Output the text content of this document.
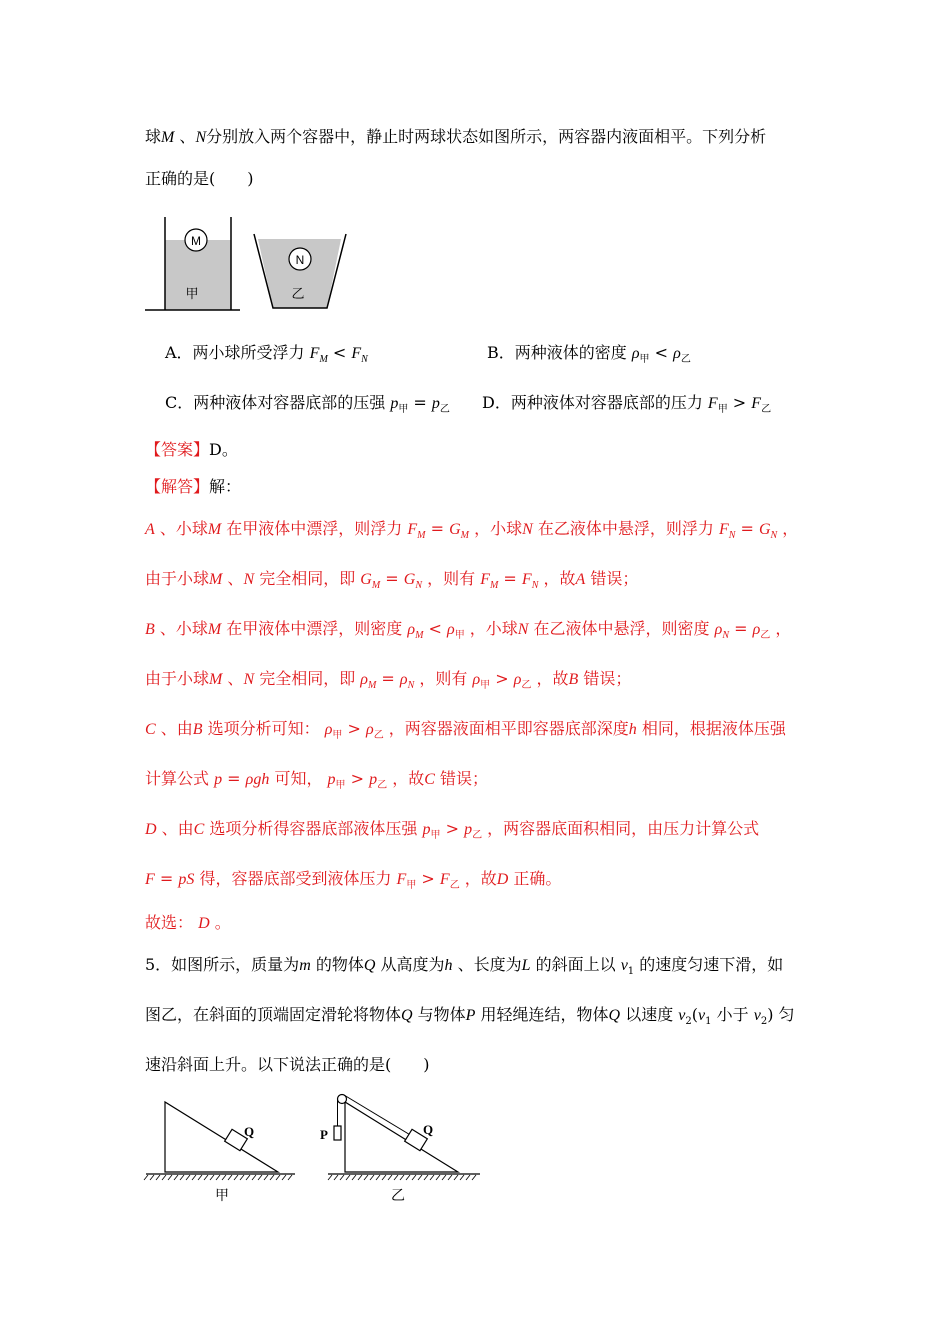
球M 、N分别放入两个容器中，静止时两球状态如图所示，两容器内液面相平。下列分析
正确的是(　　)
M
甲
N
乙
A．两小球所受浮力 $F_M < F_N$	B．两种液体的密度 $\rho_甲 < \rho_乙$
C．两种液体对容器底部的压强 $p_甲 = p_乙$ D．两种液体对容器底部的压力 $F_甲 > F_乙$
【答案】D。
【解答】解：
A 、小球M 在甲液体中漂浮，则浮力 $F_M = G_M$ ，小球N 在乙液体中悬浮，则浮力 $F_N = G_N$ ，
由于小球M 、N 完全相同，即 $G_M = G_N$ ，则有 $F_M = F_N$ ，故A 错误；
B 、小球M 在甲液体中漂浮，则密度 $\rho_M < \rho_甲$ ，小球N 在乙液体中悬浮，则密度 $\rho_N = \rho_乙$ ，
由于小球M 、N 完全相同，即 $\rho_M = \rho_N$ ，则有 $\rho_甲 > \rho_乙$ ，故B 错误；
C 、由B 选项分析可知： $\rho_甲 > \rho_乙$ ，两容器液面相平即容器底部深度h 相同，根据液体压强
计算公式 p = ρgh 可知， $p_甲 > p_乙$ ，故C 错误；
D 、由C 选项分析得容器底部液体压强 $p_甲 > p_乙$ ，两容器底面积相同，由压力计算公式
F = pS 得，容器底部受到液体压力 $F_甲 > F_乙$ ，故D 正确。
故选： D 。
5．如图所示，质量为m 的物体Q 从高度为h 、长度为L 的斜面上以 $v_1$ 的速度匀速下滑，如
图乙，在斜面的顶端固定滑轮将物体Q 与物体P 用轻绳连结，物体Q 以速度 $v_2(v_1$ 小于 $v_2$) 匀
速沿斜面上升。以下说法正确的是(　　)
Q
甲
P	Q
乙
